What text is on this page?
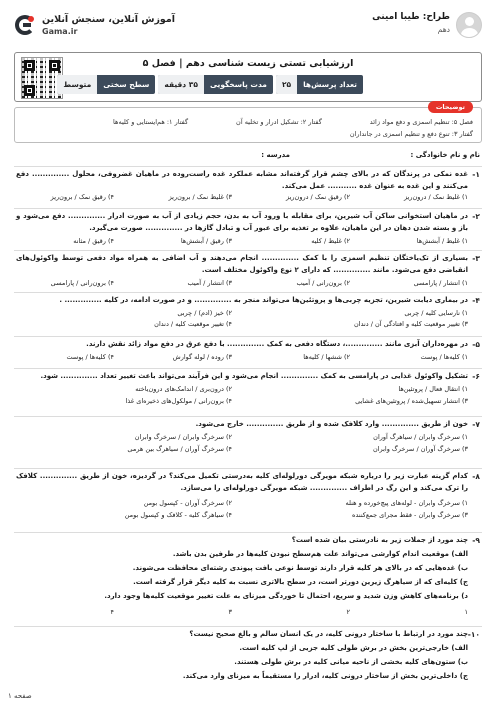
آموزش آنلاین، سنجش آنلاین
Gama.ir
طراح: طیبا امینی
دهم
ارزشیابی تستی زیست شناسی دهم | فصل ۵
تعداد پرسش‌ها
۲۵
مدت پاسخگویی
۳۵ دقیقه
سطح سختی
متوسط
توضیحات
فصل ۵: تنظیم اسمزی و دفع مواد زائد
گفتار ۲: تشکیل ادرار و تخلیه آن
گفتار ۱: هم‌ایستایی و کلیه‌ها
گفتار ۳: تنوع دفع و تنظیم اسمزی در جانداران
نام و نام خانوادگی :
مدرسه :
۱-
غده نمکی در پرندگان که در بالای چشم قرار گرفته‌اند مشابه عملکرد غده راست‌روده در ماهیان غضروفی، محلول .............. دفع می‌کنند و این غده به عنوان غده ........... عمل می‌کند.
۱) غلیظ نمک / درون‌ریز
۲) رقیق نمک / درون‌ریز
۳) غلیظ نمک / برون‌ریز
۴) رقیق نمک / برون‌ریز
۲-
در ماهیان استخوانی ساکن آب شیرین، برای مقابله با ورود آب به بدن، حجم زیادی از آب به صورت ادرار .............. دفع می‌شود و باز و بسته شدن دهان در این ماهیان، علاوه بر تغذیه برای عبور آب و تبادل گازها در .............. صورت می‌گیرد.
۱) غلیظ / آبشش‌ها
۲) غلیظ / کلیه
۳) رقیق / آبشش‌ها
۴) رقیق / مثانه
۳-
بسیاری از تک‌یاختگان تنظیم اسمزی را با کمک .............. انجام می‌دهند و آب اضافی به همراه مواد دفعی توسط واکوئول‌های انقباضی دفع می‌شود. مانند .............. که دارای ۲ نوع واکوئول مختلف است.
۱) انتشار / پارامسی
۲) برون‌رانی / آمیب
۳) انتشار / آمیب
۴) برون‌رانی / پارامسی
۴-
در بیماری دیابت شیرین، تجزیه چربی‌ها و پروتئین‌ها می‌تواند منجر به .............. و در صورت ادامه، در کلیه .............. .
۱) نارسایی کلیه / چربی
۲) خیز (ادم) / چربی
۳) تغییر موقعیت کلیه و افتادگی آن / دندان
۴) تغییر موقعیت کلیه / دندان
۵-
در مهره‌داران آبزی مانند ..............، دستگاه دفعی به کمک .............. با دفع عرق در دفع مواد زائد نقش دارند.
۱) کلیه‌ها / پوست
۲) ششها / کلیه‌ها
۳) روده / لوله گوارش
۴) کلیه‌ها / پوست
۶-
تشکیل واکوئول غذایی در پارامسی به کمک .............. انجام می‌شود و این فرآیند می‌تواند باعث تغییر تعداد .............. شود.
۱) انتقال فعال / پروتئین‌ها
۲) درون‌بری / اندامک‌های درون‌یاخته
۳) انتشار تسهیل‌شده / پروتئین‌های غشایی
۴) برون‌رانی / مولکول‌های ذخیره‌ای غذا
۷-
خون از طریق .............. وارد کلافک شده و از طریق .............. خارج می‌شود.
۱) سرخرگ وابران / سیاهرگ آوران
۲) سرخرگ وابران / سرخرگ وابران
۳) سرخرگ آوران / سرخرگ وابران
۴) سرخرگ آوران / سیاهرگ بین هرمی
۸-
کدام گزینه عبارت زیر را درباره شبکه مویرگی دورلوله‌ای کلیه به‌درستی تکمیل می‌کند؟ در گردیزه، خون از طریق .............. کلافک را ترک می‌کند و این رگ در اطراف .............. شبکه مویرگی دورلوله‌ای را می‌سازد.
۱) سرخرگ وابران - لوله‌های پیچ‌خورده و هنله
۲) سرخرگ آوران - کپسول بومن
۳) سرخرگ وابران - فقط مجرای جمع‌کننده
۴) سیاهرگ کلیه - کلافک و کپسول بومن
۹-
چند مورد از جملات زیر به نادرستی بیان شده است؟
الف) موقعیت اندام کوارشی می‌تواند علت هم‌سطح نبودن کلیه‌ها در طرفین بدن باشد.
ب) غده‌هایی که در بالای هر کلیه قرار دارند توسط نوعی بافت پیوندی رشته‌ای محافظت می‌شوند.
ج) کلیه‌ای که از سیاهرگ زیرین دورتر است، در سطح بالاتری نسبت به کلیه دیگر قرار گرفته است.
د) برنامه‌های کاهش وزن شدید و سریع، احتمال تا خوردگی میزنای به علت تغییر موقعیت کلیه‌ها وجود دارد.
۱
۲
۳
۴
۱۰-
چند مورد در ارتباط با ساختار درونی کلیه، در یک انسان سالم و بالغ صحیح نیست؟
الف) خارجی‌ترین بخش در برش طولی کلیه جزیی از لپ کلیه است.
ب) ستون‌های کلیه بخشی از ناحیه میانی کلیه در برش طولی هستند.
ج) داخلی‌ترین بخش از ساختار درونی کلیه، ادرار را مستقیماً به میزنای وارد می‌کند.
صفحه ۱
